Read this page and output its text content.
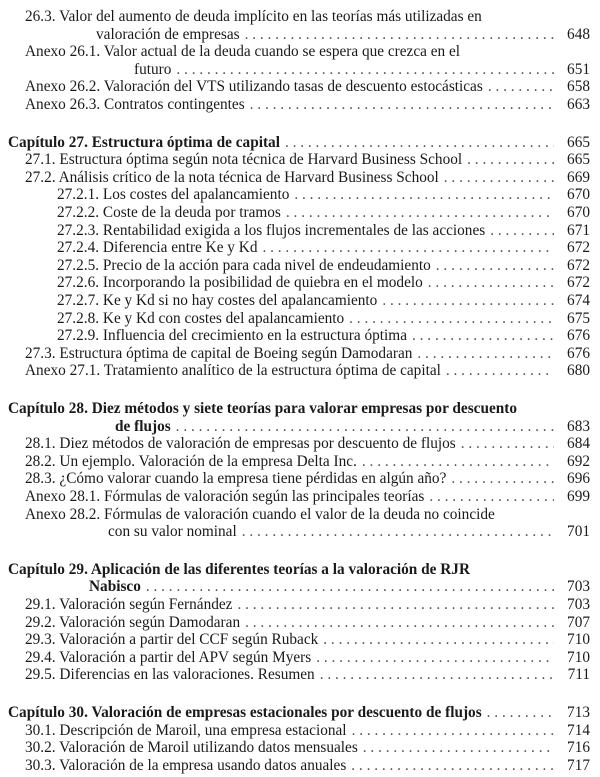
26.3. Valor del aumento de deuda implícito en las teorías más utilizadas en
valoración de empresas . . .	648
Anexo 26.1. Valor actual de la deuda cuando se espera que crezca en el
futuro . . .	651
Anexo 26.2. Valoración del VTS utilizando tasas de descuento estocásticas . . .	658
Anexo 26.3. Contratos contingentes . . .	663
Capítulo 27. Estructura óptima de capital . . .	665
27.1. Estructura óptima según nota técnica de Harvard Business School . . .	665
27.2. Análisis crítico de la nota técnica de Harvard Business School . . .	669
27.2.1. Los costes del apalancamiento . . .	670
27.2.2. Coste de la deuda por tramos . . .	670
27.2.3. Rentabilidad exigida a los flujos incrementales de las acciones . . .	671
27.2.4. Diferencia entre Ke y Kd . . .	672
27.2.5. Precio de la acción para cada nivel de endeudamiento . . .	672
27.2.6. Incorporando la posibilidad de quiebra en el modelo . . .	672
27.2.7. Ke y Kd si no hay costes del apalancamiento . . .	674
27.2.8. Ke y Kd con costes del apalancamiento . . .	675
27.2.9. Influencia del crecimiento en la estructura óptima . . .	676
27.3. Estructura óptima de capital de Boeing según Damodaran . . .	676
Anexo 27.1. Tratamiento analítico de la estructura óptima de capital . . .	680
Capítulo 28. Diez métodos y siete teorías para valorar empresas por descuento
de flujos . . .	683
28.1. Diez métodos de valoración de empresas por descuento de flujos . . .	684
28.2. Un ejemplo. Valoración de la empresa Delta Inc. . . .	692
28.3. ¿Cómo valorar cuando la empresa tiene pérdidas en algún año? . . .	696
Anexo 28.1. Fórmulas de valoración según las principales teorías . . .	699
Anexo 28.2. Fórmulas de valoración cuando el valor de la deuda no coincide
con su valor nominal . . .	701
Capítulo 29. Aplicación de las diferentes teorías a la valoración de RJR
Nabisco . . .	703
29.1. Valoración según Fernández . . .	703
29.2. Valoración según Damodaran . . .	707
29.3. Valoración a partir del CCF según Ruback . . .	710
29.4. Valoración a partir del APV según Myers . . .	710
29.5. Diferencias en las valoraciones. Resumen . . .	711
Capítulo 30. Valoración de empresas estacionales por descuento de flujos . . .	713
30.1. Descripción de Maroil, una empresa estacional . . .	714
30.2. Valoración de Maroil utilizando datos mensuales . . .	716
30.3. Valoración de la empresa usando datos anuales . . .	717
